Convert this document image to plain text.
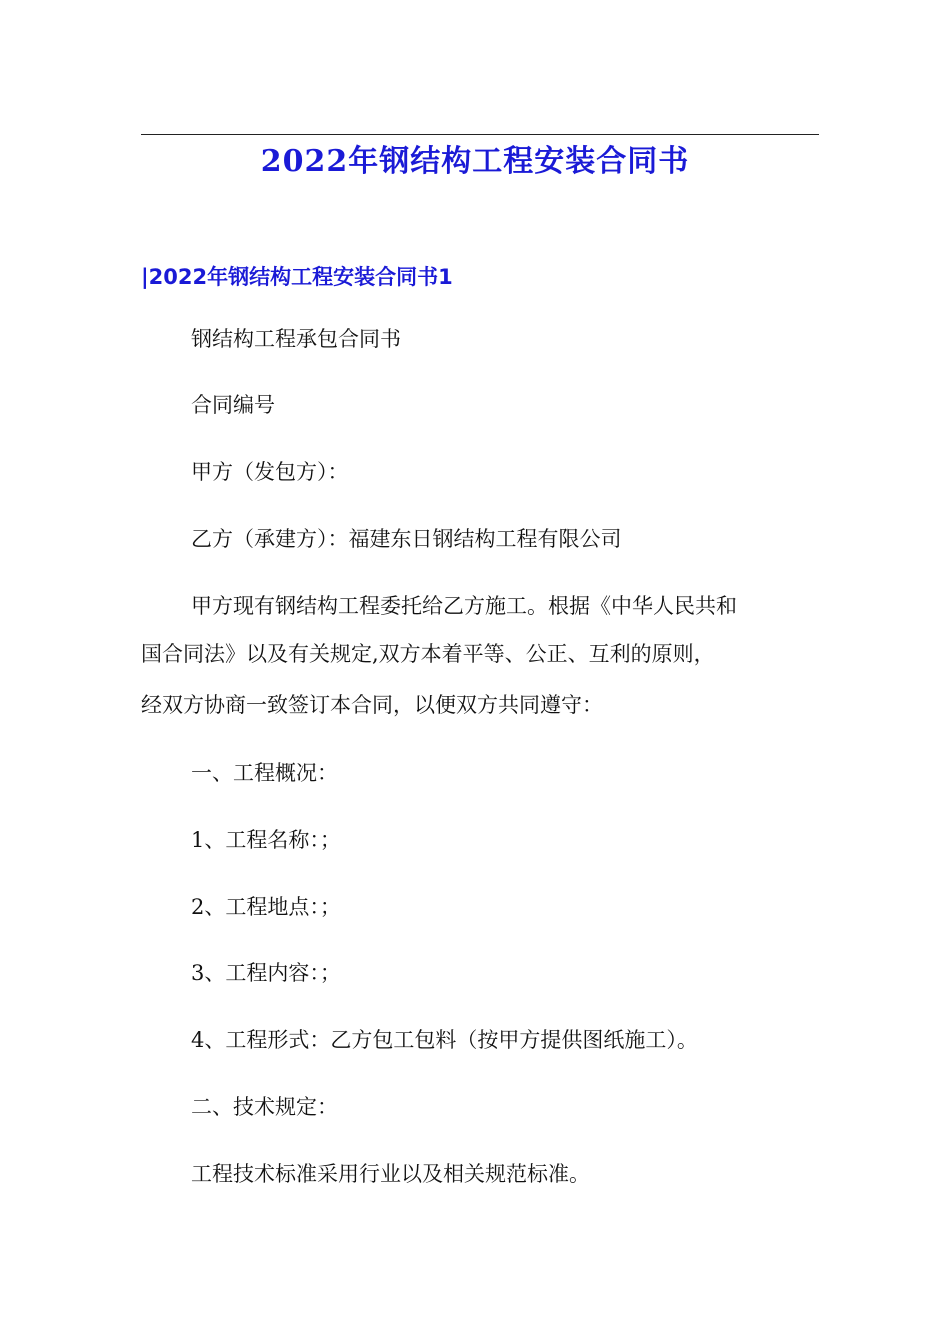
2022年钢结构工程安装合同书
|2022年钢结构工程安装合同书1
钢结构工程承包合同书
合同编号
甲方（发包方）：
乙方（承建方）：福建东日钢结构工程有限公司
甲方现有钢结构工程委托给乙方施工。根据《中华人民共和
国合同法》以及有关规定,双方本着平等、公正、互利的原则，
经双方协商一致签订本合同，以便双方共同遵守：
一、工程概况：
1、工程名称：；
2、工程地点：；
3、工程内容：；
4、工程形式：乙方包工包料（按甲方提供图纸施工）。
二、技术规定：
工程技术标准采用行业以及相关规范标准。
